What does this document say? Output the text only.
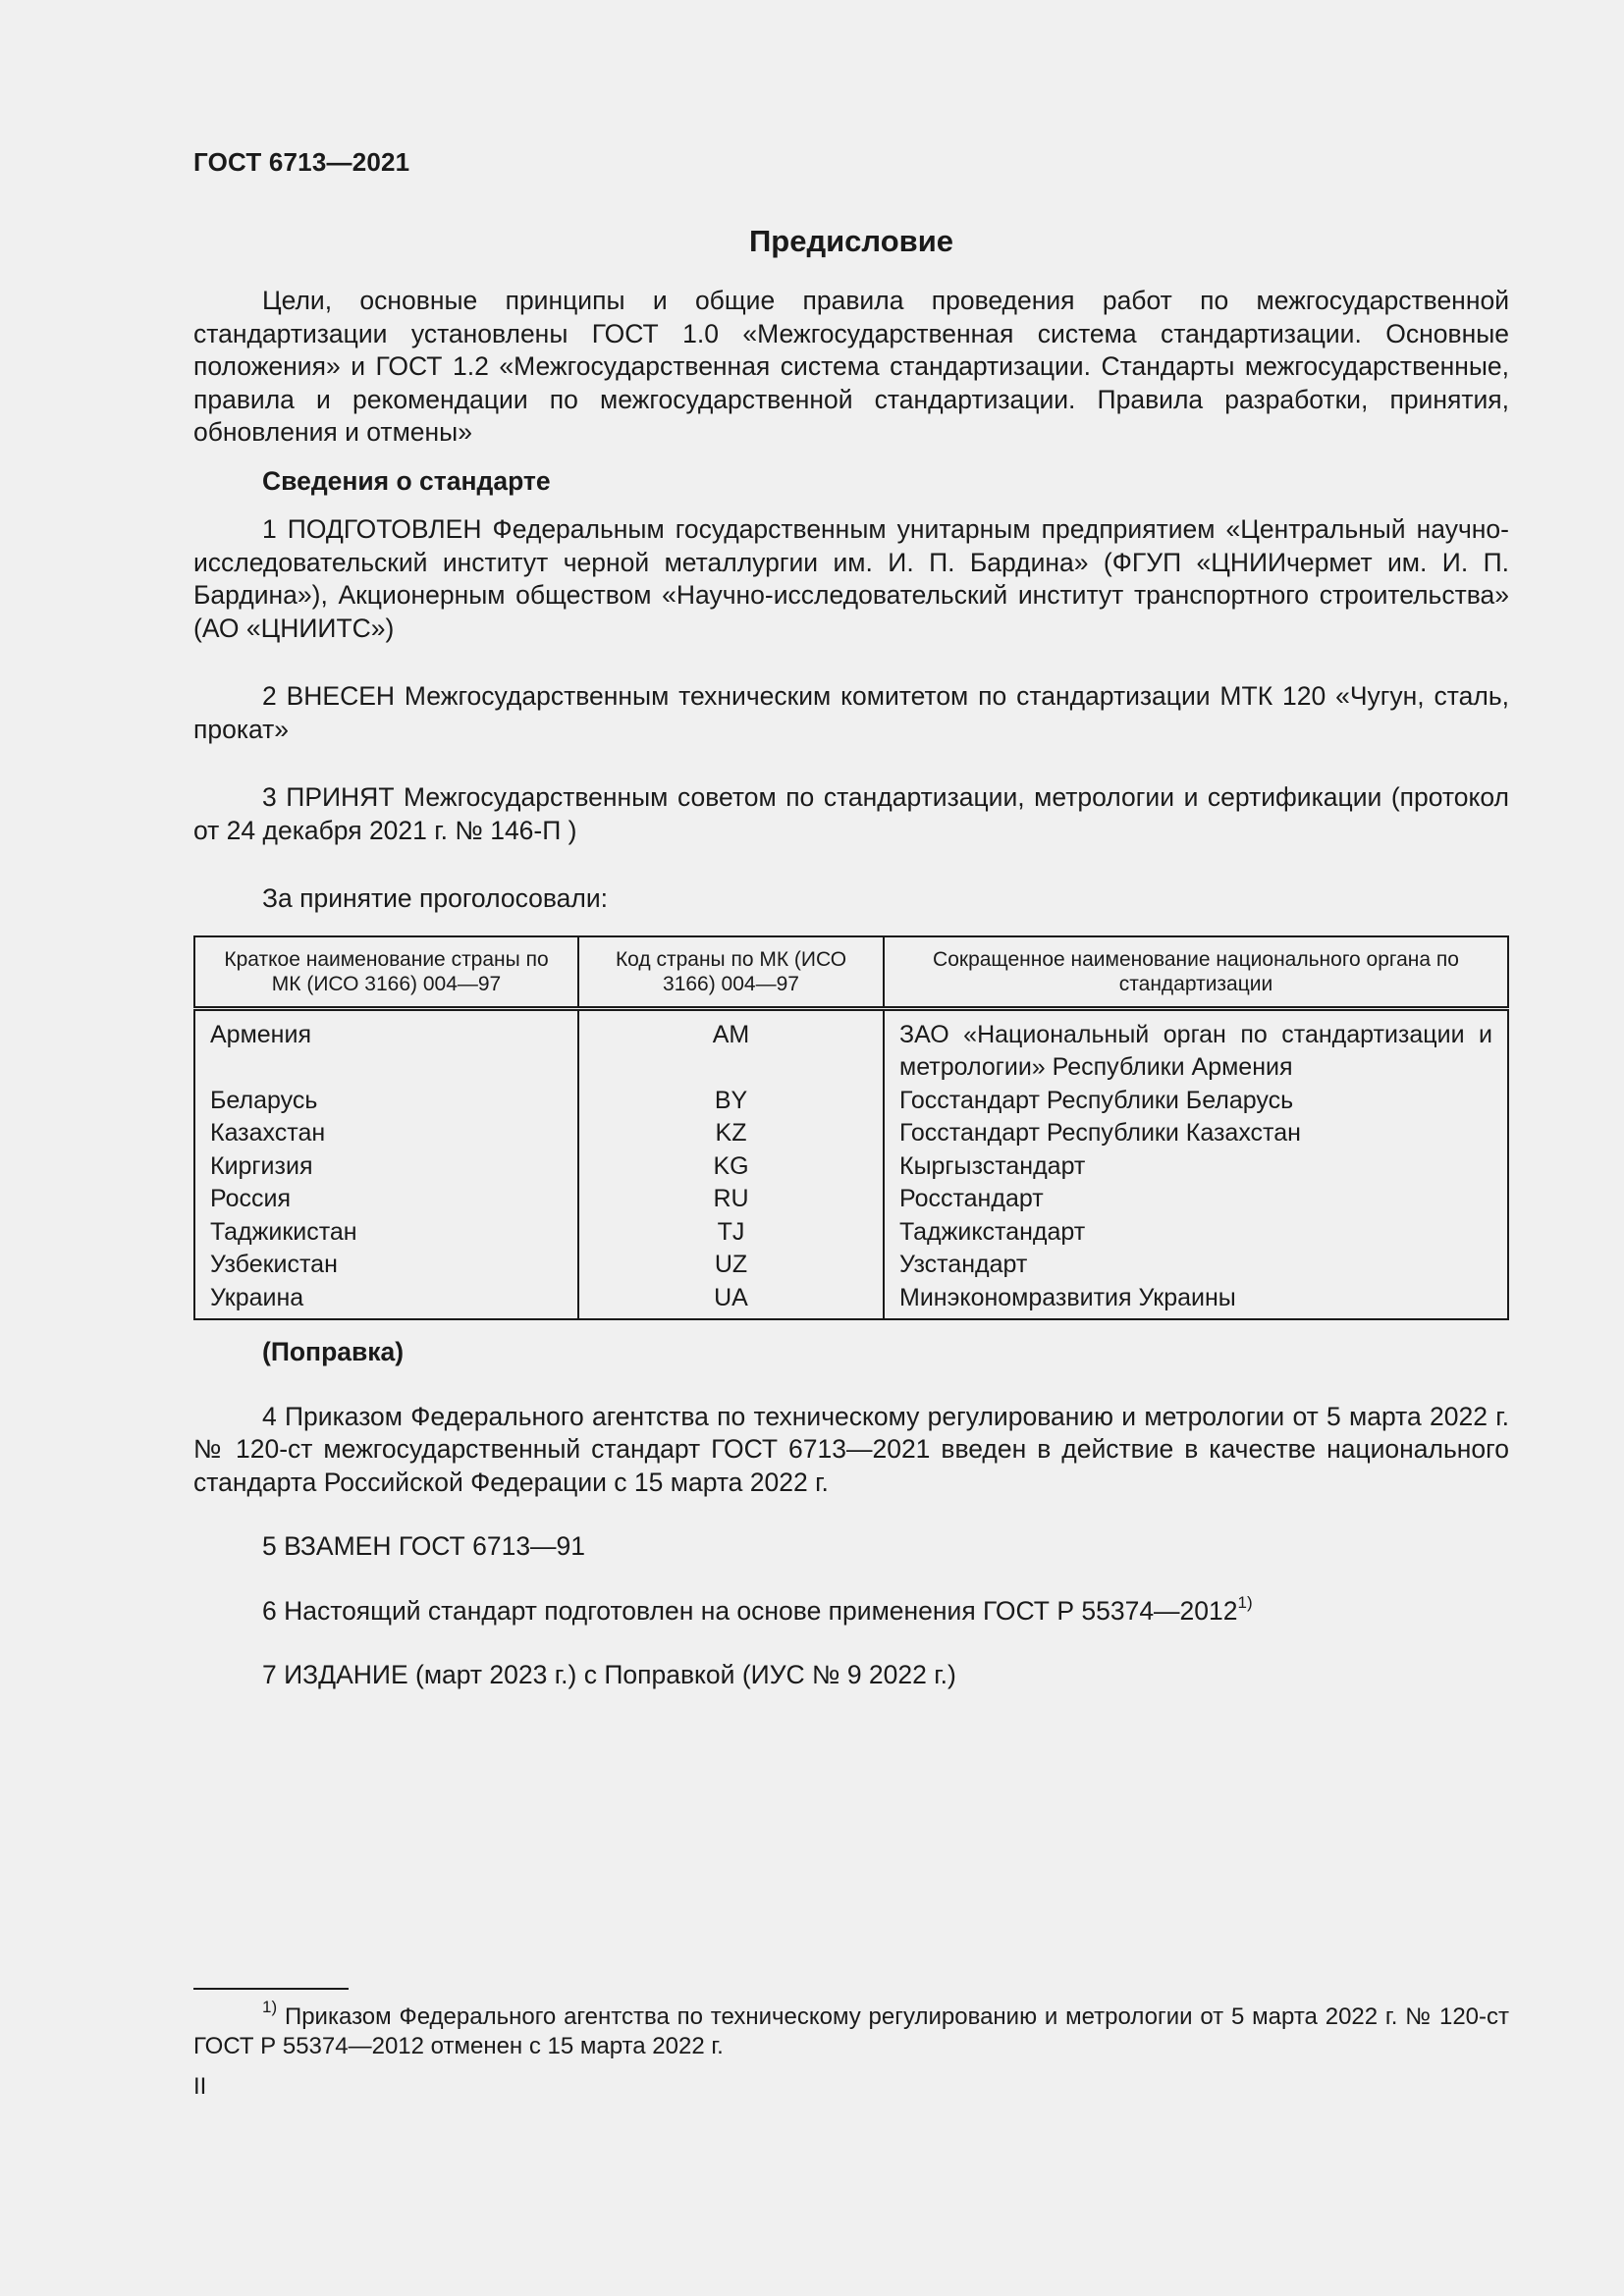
ГОСТ 6713—2021
Предисловие

Цели, основные принципы и общие правила проведения работ по межгосударственной стандартизации установлены ГОСТ 1.0 «Межгосударственная система стандартизации. Основные положения» и ГОСТ 1.2 «Межгосударственная система стандартизации. Стандарты межгосударственные, правила и рекомендации по межгосударственной стандартизации. Правила разработки, принятия, обновления и отмены»

Сведения о стандарте

1 ПОДГОТОВЛЕН Федеральным государственным унитарным предприятием «Центральный научно-исследовательский институт черной металлургии им. И. П. Бардина» (ФГУП «ЦНИИчермет им. И. П. Бардина»), Акционерным обществом «Научно-исследовательский институт транспортного строительства» (АО «ЦНИИТС»)

2 ВНЕСЕН Межгосударственным техническим комитетом по стандартизации МТК 120 «Чугун, сталь, прокат»

3 ПРИНЯТ Межгосударственным советом по стандартизации, метрологии и сертификации (протокол от 24 декабря 2021 г. № 146-П )

За принятие проголосовали:

Краткое наименование страны по МК (ИСО 3166) 004—97	Код страны по МК (ИСО 3166) 004—97	Сокращенное наименование национального органа по стандартизации
Армения	AM	ЗАО «Национальный орган по стандартизации и метрологии» Республики Армения
Беларусь	BY	Госстандарт Республики Беларусь
Казахстан	KZ	Госстандарт Республики Казахстан
Киргизия	KG	Кыргызстандарт
Россия	RU	Росстандарт
Таджикистан	TJ	Таджикстандарт
Узбекистан	UZ	Узстандарт
Украина	UA	Минэкономразвития Украины

(Поправка)

4 Приказом Федерального агентства по техническому регулированию и метрологии от 5 марта 2022 г. № 120-ст межгосударственный стандарт ГОСТ 6713—2021 введен в действие в качестве национального стандарта Российской Федерации с 15 марта 2022 г.

5 ВЗАМЕН ГОСТ 6713—91

6 Настоящий стандарт подготовлен на основе применения ГОСТ Р 55374—2012$^{1)}$

7 ИЗДАНИЕ (март 2023 г.) с Поправкой (ИУС № 9 2022 г.)

$^{1)}$ Приказом Федерального агентства по техническому регулированию и метрологии от 5 марта 2022 г. № 120-ст ГОСТ Р 55374—2012 отменен с 15 марта 2022 г.
II
